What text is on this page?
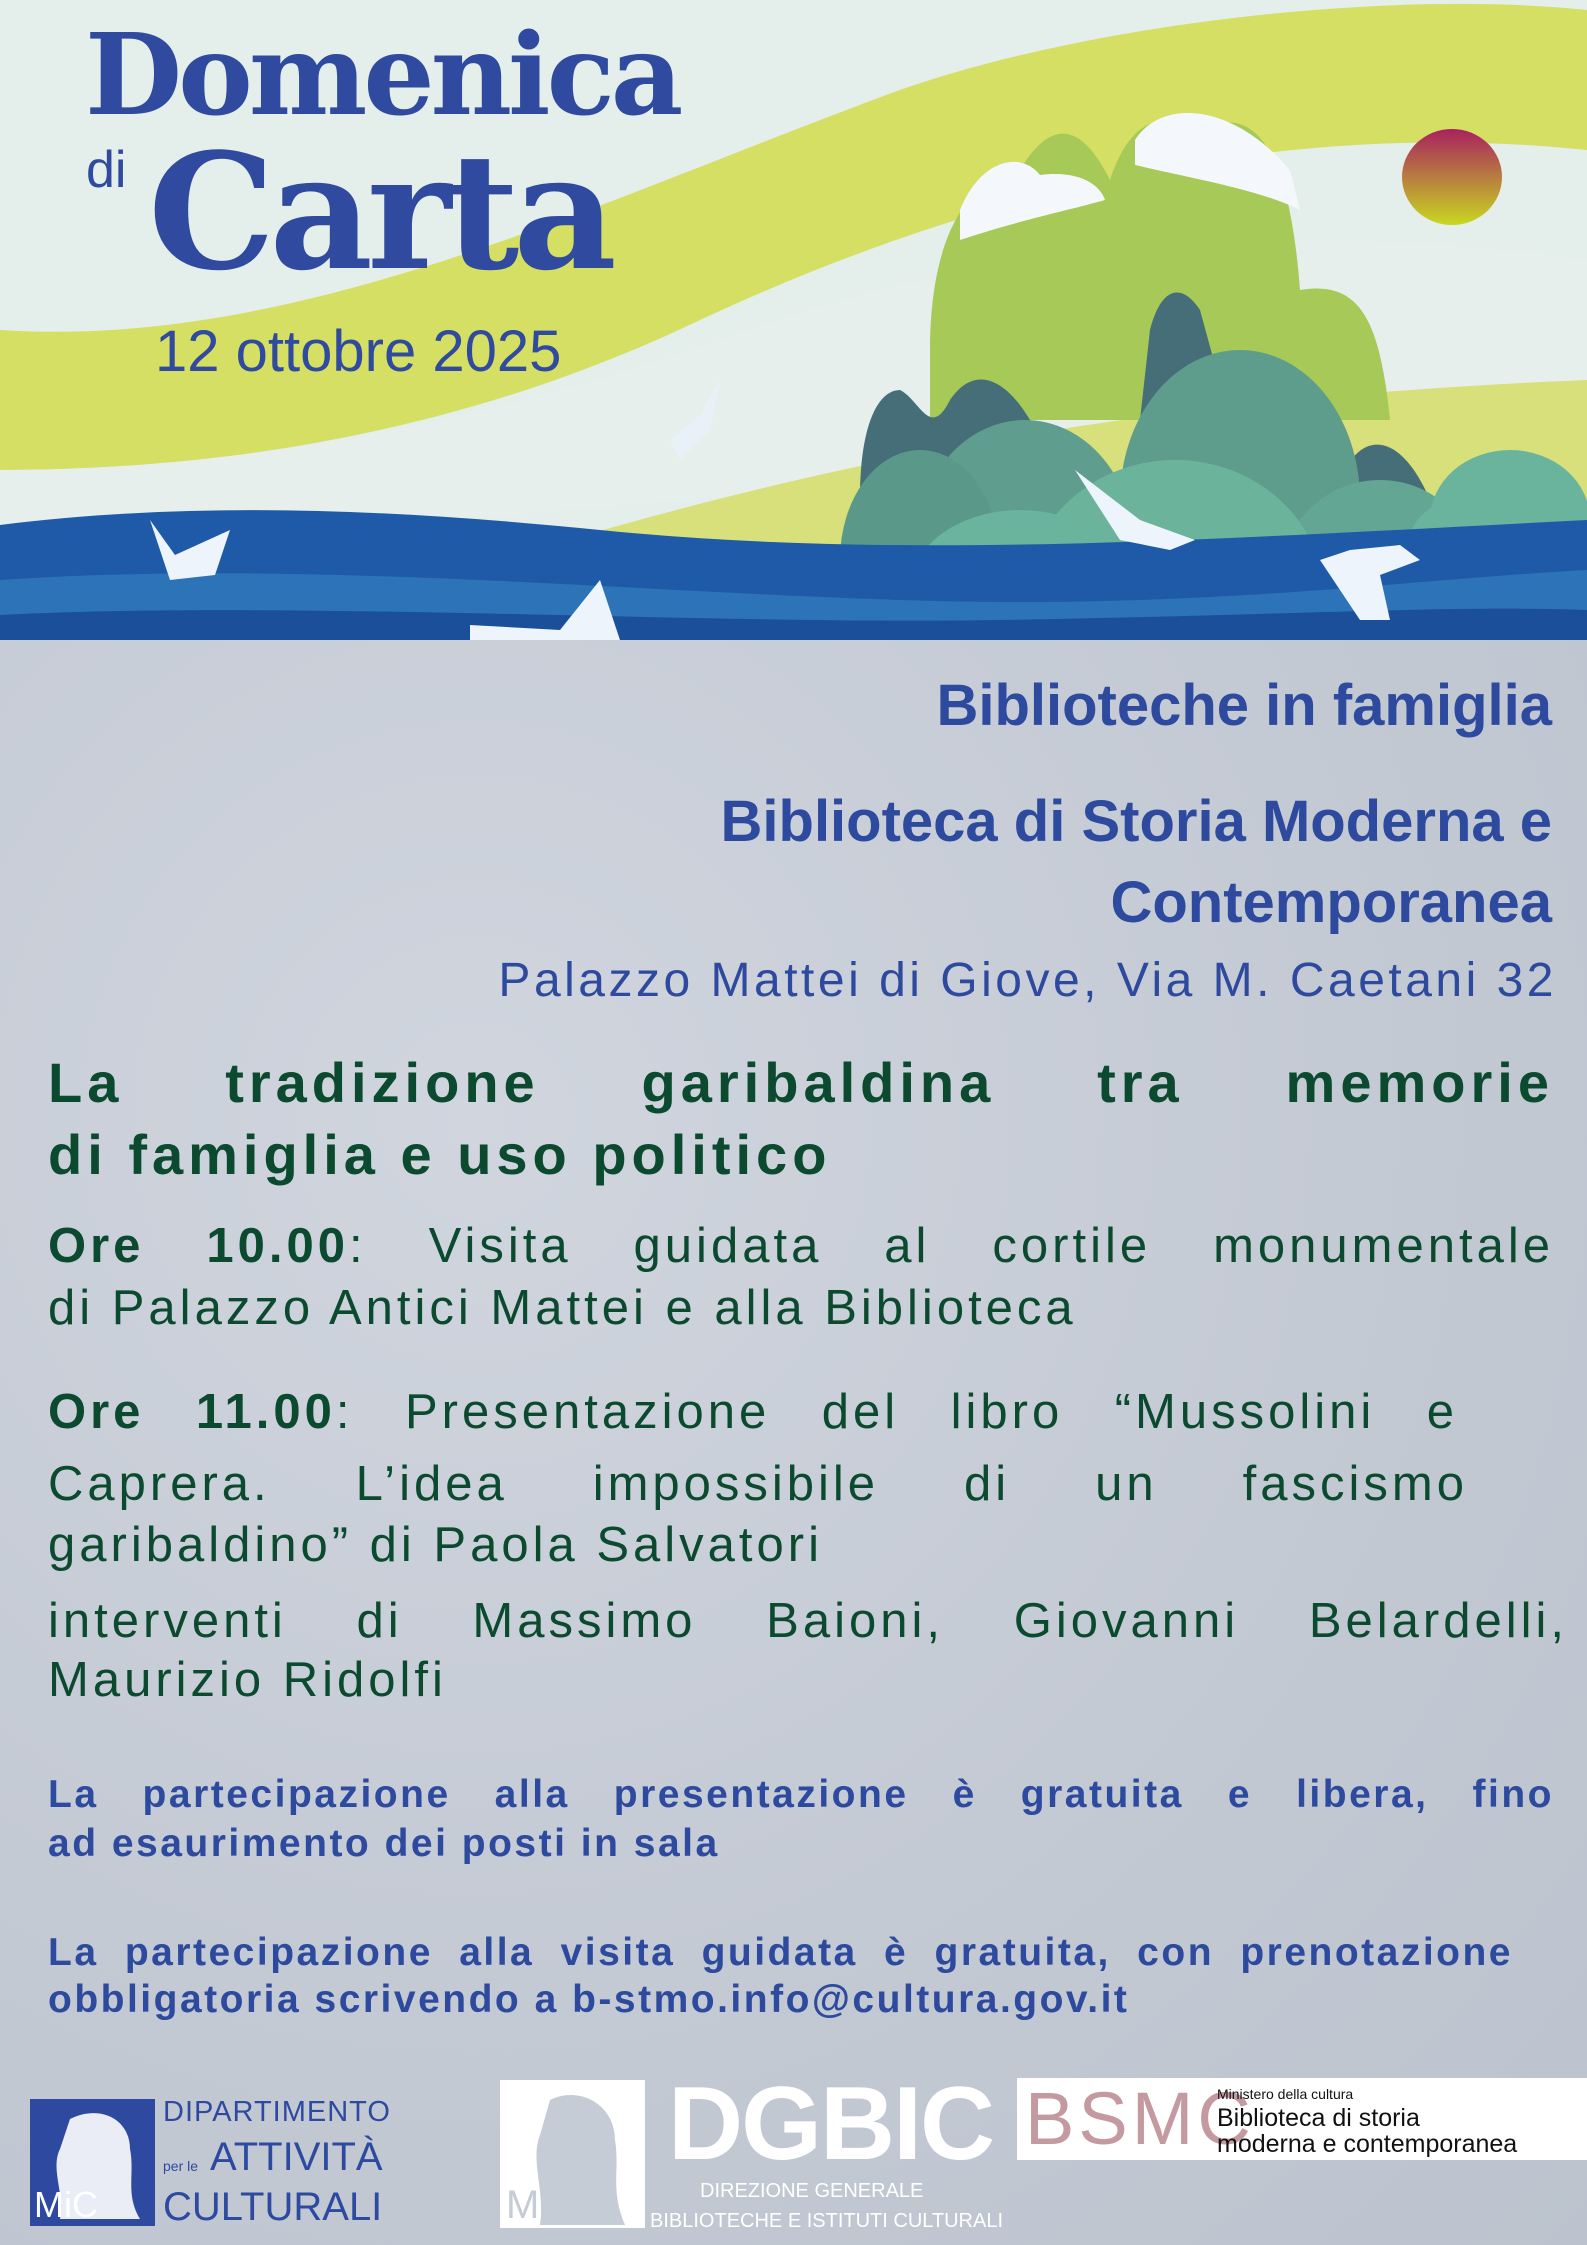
Domenica
di Carta
12 ottobre 2025
Biblioteche in famiglia
Biblioteca di Storia Moderna e
Contemporanea
Palazzo Mattei di Giove, Via M. Caetani 32
La tradizione garibaldina tra memorie
di famiglia e uso politico
Ore 10.00: Visita guidata al cortile monumentale
di Palazzo Antici Mattei e alla Biblioteca
Ore 11.00: Presentazione del libro “Mussolini e
Caprera. L’idea impossibile di un fascismo
garibaldino” di Paola Salvatori
interventi di Massimo Baioni, Giovanni Belardelli,
Maurizio Ridolfi
La partecipazione alla presentazione è gratuita e libera, fino
ad esaurimento dei posti in sala
La partecipazione alla visita guidata è gratuita, con prenotazione
obbligatoria scrivendo a b-stmo.info@cultura.gov.it
MiC
DIPARTIMENTO
per le ATTIVITÀ
CULTURALI	MiC
DGBIC
DIREZIONE GENERALE
BIBLIOTECHE E ISTITUTI CULTURALI
BSMC
Ministero della cultura
Biblioteca di storia
moderna e contemporanea
